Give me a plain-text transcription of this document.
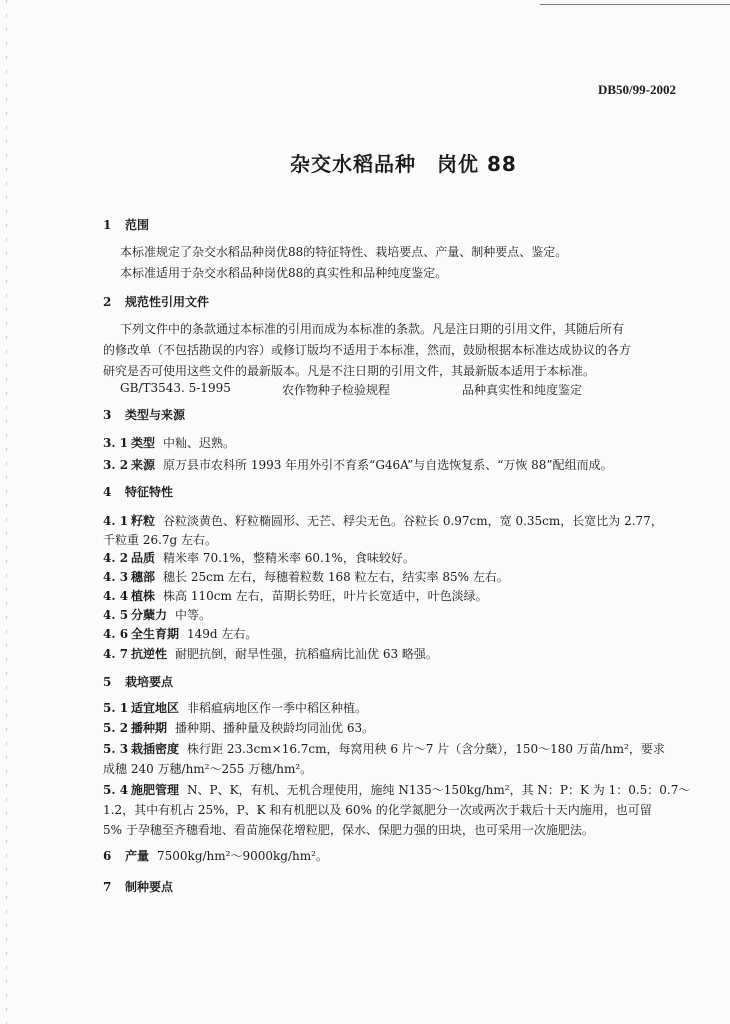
DB50/99-2002
杂交水稻品种　岗优 88
1 范围
本标准规定了杂交水稻品种岗优88的特征特性、栽培要点、产量、制种要点、鉴定。
本标准适用于杂交水稻品种岗优88的真实性和品种纯度鉴定。
2 规范性引用文件
下列文件中的条款通过本标准的引用而成为本标准的条款。凡是注日期的引用文件，其随后所有
的修改单（不包括勘误的内容）或修订版均不适用于本标准，然而，鼓励根据本标准达成协议的各方
研究是否可使用这些文件的最新版本。凡是不注日期的引用文件，其最新版本适用于本标准。
GB/T3543. 5-1995	农作物种子检验规程	品种真实性和纯度鉴定
3 类型与来源
3. 1 类型 中籼、迟熟。
3. 2 来源 原万县市农科所 1993 年用外引不育系“G46A”与自选恢复系、“万恢 88”配组而成。
4 特征特性
4. 1 籽粒 谷粒淡黄色、籽粒椭圆形、无芒、稃尖无色。谷粒长 0.97cm，宽 0.35cm，长宽比为 2.77，
千粒重 26.7g 左右。
4. 2 品质 精米率 70.1%，整精米率 60.1%，食味较好。
4. 3 穗部 穗长 25cm 左右，每穗着粒数 168 粒左右，结实率 85% 左右。
4. 4 植株 株高 110cm 左右，苗期长势旺，叶片长宽适中，叶色淡绿。
4. 5 分蘖力 中等。
4. 6 全生育期 149d 左右。
4. 7 抗逆性 耐肥抗倒，耐旱性强，抗稻瘟病比汕优 63 略强。
5 栽培要点
5. 1 适宜地区 非稻瘟病地区作一季中稻区种植。
5. 2 播种期 播种期、播种量及秧龄均同汕优 63。
5. 3 栽插密度 株行距 23.3cm×16.7cm，每窝用秧 6 片～7 片（含分蘖），150～180 万苗/hm²，要求
成穗 240 万穗/hm²～255 万穗/hm²。
5. 4 施肥管理 N、P、K，有机、无机合理使用，施纯 N135～150kg/hm²，其 N：P：K 为 1：0.5：0.7～
1.2，其中有机占 25%，P、K 和有机肥以及 60% 的化学氮肥分一次或两次于栽后十天内施用，也可留
5% 于孕穗至齐穗看地、看苗施保花增粒肥，保水、保肥力强的田块，也可采用一次施肥法。
6 产量 7500kg/hm²～9000kg/hm²。
7 制种要点
